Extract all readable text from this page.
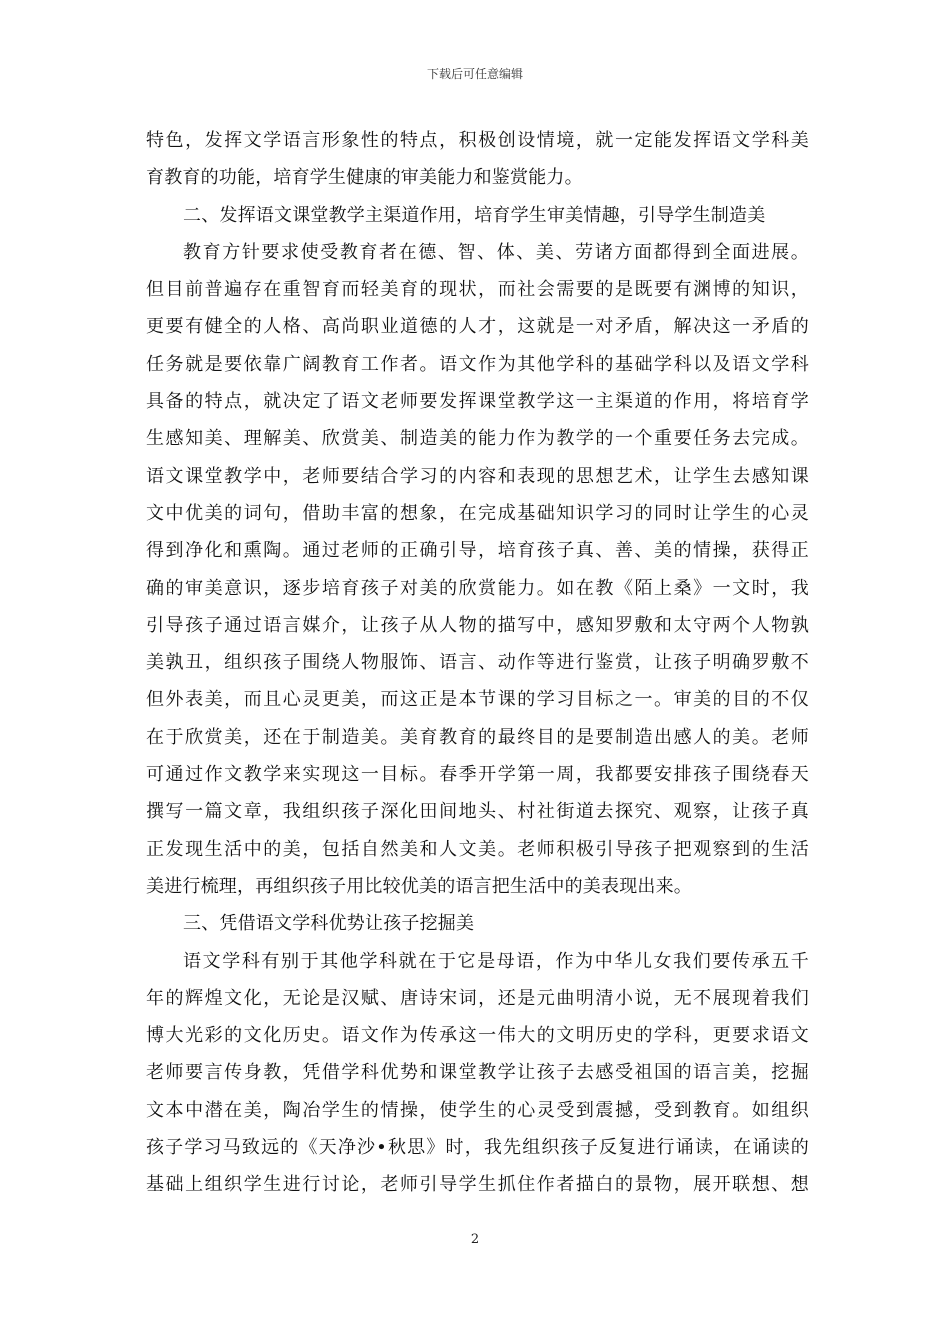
下载后可任意编辑
特色，发挥文学语言形象性的特点，积极创设情境，就一定能发挥语文学科美
育教育的功能，培育学生健康的审美能力和鉴赏能力。
二、发挥语文课堂教学主渠道作用，培育学生审美情趣，引导学生制造美
教育方针要求使受教育者在德、智、体、美、劳诸方面都得到全面进展。
但目前普遍存在重智育而轻美育的现状，而社会需要的是既要有渊博的知识，
更要有健全的人格、高尚职业道德的人才，这就是一对矛盾，解决这一矛盾的
任务就是要依靠广阔教育工作者。语文作为其他学科的基础学科以及语文学科
具备的特点，就决定了语文老师要发挥课堂教学这一主渠道的作用，将培育学
生感知美、理解美、欣赏美、制造美的能力作为教学的一个重要任务去完成。
语文课堂教学中，老师要结合学习的内容和表现的思想艺术，让学生去感知课
文中优美的词句，借助丰富的想象，在完成基础知识学习的同时让学生的心灵
得到净化和熏陶。通过老师的正确引导，培育孩子真、善、美的情操，获得正
确的审美意识，逐步培育孩子对美的欣赏能力。如在教《陌上桑》一文时，我
引导孩子通过语言媒介，让孩子从人物的描写中，感知罗敷和太守两个人物孰
美孰丑，组织孩子围绕人物服饰、语言、动作等进行鉴赏，让孩子明确罗敷不
但外表美，而且心灵更美，而这正是本节课的学习目标之一。审美的目的不仅
在于欣赏美，还在于制造美。美育教育的最终目的是要制造出感人的美。老师
可通过作文教学来实现这一目标。春季开学第一周，我都要安排孩子围绕春天
撰写一篇文章，我组织孩子深化田间地头、村社街道去探究、观察，让孩子真
正发现生活中的美，包括自然美和人文美。老师积极引导孩子把观察到的生活
美进行梳理，再组织孩子用比较优美的语言把生活中的美表现出来。
三、凭借语文学科优势让孩子挖掘美
语文学科有别于其他学科就在于它是母语，作为中华儿女我们要传承五千
年的辉煌文化，无论是汉赋、唐诗宋词，还是元曲明清小说，无不展现着我们
博大光彩的文化历史。语文作为传承这一伟大的文明历史的学科，更要求语文
老师要言传身教，凭借学科优势和课堂教学让孩子去感受祖国的语言美，挖掘
文本中潜在美，陶冶学生的情操，使学生的心灵受到震撼，受到教育。如组织
孩子学习马致远的《天净沙•秋思》时，我先组织孩子反复进行诵读，在诵读的
基础上组织学生进行讨论，老师引导学生抓住作者描白的景物，展开联想、想
2
